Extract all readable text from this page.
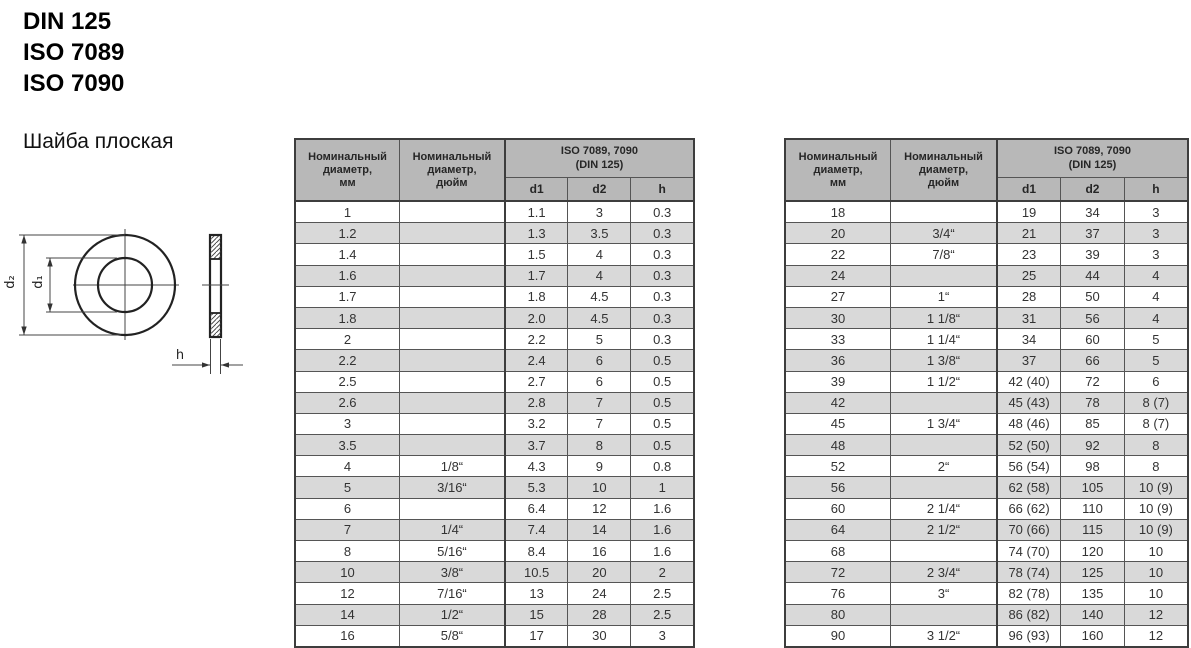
DIN 125
ISO 7089
ISO 7090
Шайба плоская
d₂ d₁
h
Номинальный
диаметр,
мм

Номинальный
диаметр,
дюйм

ISO 7089, 7090
(DIN 125)

		d1	d2	h
1		1.1	3	0.3
1.2		1.3	3.5	0.3
1.4		1.5	4	0.3
1.6		1.7	4	0.3
1.7		1.8	4.5	0.3
1.8		2.0	4.5	0.3
2		2.2	5	0.3
2.2		2.4	6	0.5
2.5		2.7	6	0.5
2.6		2.8	7	0.5
3		3.2	7	0.5
3.5		3.7	8	0.5
4	1/8“	4.3	9	0.8
5	3/16“	5.3	10	1
6		6.4	12	1.6
7	1/4“	7.4	14	1.6
8	5/16“	8.4	16	1.6
10	3/8“	10.5	20	2
12	7/16“	13	24	2.5
14	1/2“	15	28	2.5
16	5/8“	17	30	3
Номинальный
диаметр,
мм

Номинальный
диаметр,
дюйм

ISO 7089, 7090
(DIN 125)

		d1	d2	h
18		19	34	3
20	3/4“	21	37	3
22	7/8“	23	39	3
24		25	44	4
27	1“	28	50	4
30	1 1/8“	31	56	4
33	1 1/4“	34	60	5
36	1 3/8“	37	66	5
39	1 1/2“	42 (40)	72	6
42		45 (43)	78	8 (7)
45	1 3/4“	48 (46)	85	8 (7)
48		52 (50)	92	8
52	2“	56 (54)	98	8
56		62 (58)	105	10 (9)
60	2 1/4“	66 (62)	110	10 (9)
64	2 1/2“	70 (66)	115	10 (9)
68		74 (70)	120	10
72	2 3/4“	78 (74)	125	10
76	3“	82 (78)	135	10
80		86 (82)	140	12
90	3 1/2“	96 (93)	160	12
